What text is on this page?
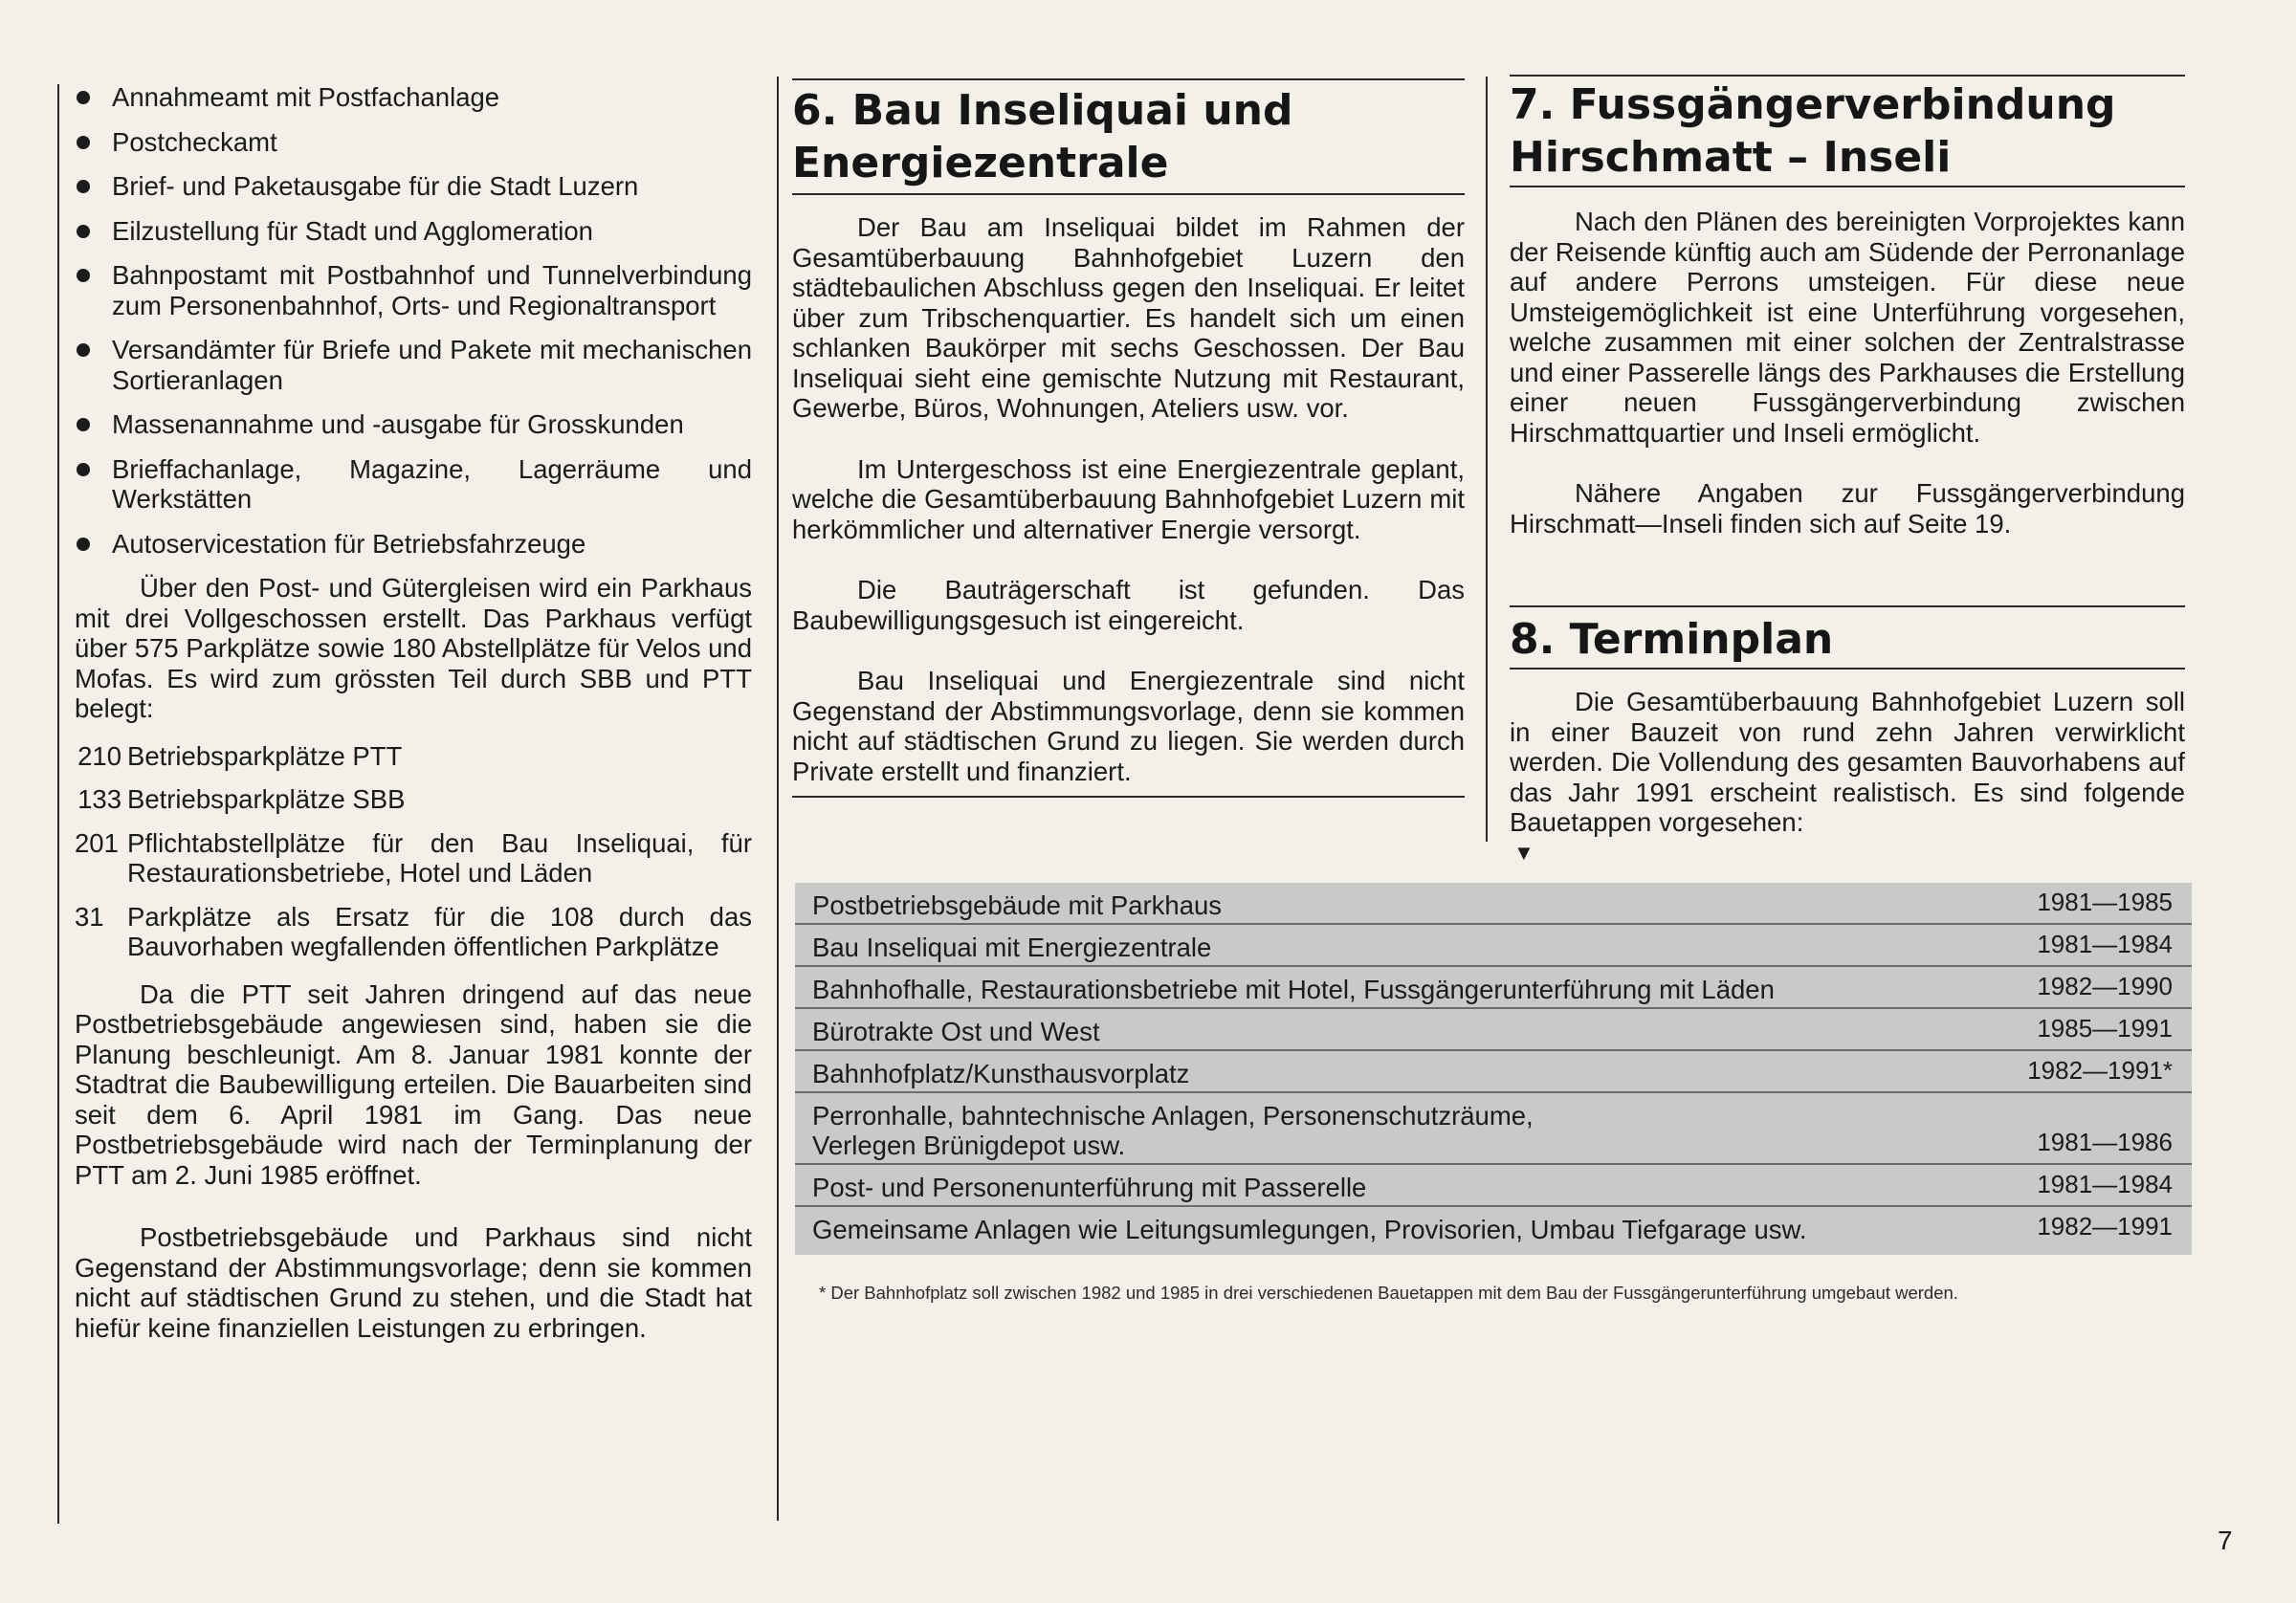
Annahmeamt mit Postfachanlage
Postcheckamt
Brief- und Paketausgabe für die Stadt Luzern
Eilzustellung für Stadt und Agglomeration
Bahnpostamt mit Postbahnhof und Tunnelverbindung zum Personenbahnhof, Orts- und Regionaltransport
Versandämter für Briefe und Pakete mit mechanischen Sortieranlagen
Massenannahme und -ausgabe für Grosskunden
Brieffachanlage, Magazine, Lagerräume und Werkstätten
Autoservicestation für Betriebsfahrzeuge

Über den Post- und Gütergleisen wird ein Parkhaus mit drei Vollgeschossen erstellt. Das Parkhaus verfügt über 575 Parkplätze sowie 180 Abstellplätze für Velos und Mofas. Es wird zum grössten Teil durch SBB und PTT belegt:

210 Betriebsparkplätze PTT
133 Betriebsparkplätze SBB
201 Pflichtabstellplätze für den Bau Inseliquai, für Restaurationsbetriebe, Hotel und Läden
31 Parkplätze als Ersatz für die 108 durch das Bauvorhaben wegfallenden öffentlichen Parkplätze

Da die PTT seit Jahren dringend auf das neue Postbetriebsgebäude angewiesen sind, haben sie die Planung beschleunigt. Am 8. Januar 1981 konnte der Stadtrat die Baubewilligung erteilen. Die Bauarbeiten sind seit dem 6. April 1981 im Gang. Das neue Postbetriebsgebäude wird nach der Terminplanung der PTT am 2. Juni 1985 eröffnet.

Postbetriebsgebäude und Parkhaus sind nicht Gegenstand der Abstimmungsvorlage; denn sie kommen nicht auf städtischen Grund zu stehen, und die Stadt hat hiefür keine finanziellen Leistungen zu erbringen.

6. Bau Inseliquai und
Energiezentrale

Der Bau am Inseliquai bildet im Rahmen der Gesamtüberbauung Bahnhofgebiet Luzern den städtebaulichen Abschluss gegen den Inseliquai. Er leitet über zum Tribschenquartier. Es handelt sich um einen schlanken Baukörper mit sechs Geschossen. Der Bau Inseliquai sieht eine gemischte Nutzung mit Restaurant, Gewerbe, Büros, Wohnungen, Ateliers usw. vor.

Im Untergeschoss ist eine Energiezentrale geplant, welche die Gesamtüberbauung Bahnhofgebiet Luzern mit herkömmlicher und alternativer Energie versorgt.

Die Bauträgerschaft ist gefunden. Das Baubewilligungsgesuch ist eingereicht.

Bau Inseliquai und Energiezentrale sind nicht Gegenstand der Abstimmungsvorlage, denn sie kommen nicht auf städtischen Grund zu liegen. Sie werden durch Private erstellt und finanziert.

7. Fussgängerverbindung
Hirschmatt – Inseli

Nach den Plänen des bereinigten Vorprojektes kann der Reisende künftig auch am Südende der Perronanlage auf andere Perrons umsteigen. Für diese neue Umsteigemöglichkeit ist eine Unterführung vorgesehen, welche zusammen mit einer solchen der Zentralstrasse und einer Passerelle längs des Parkhauses die Erstellung einer neuen Fussgängerverbindung zwischen Hirschmattquartier und Inseli ermöglicht.

Nähere Angaben zur Fussgängerverbindung Hirschmatt—Inseli finden sich auf Seite 19.

8. Terminplan

Die Gesamtüberbauung Bahnhofgebiet Luzern soll in einer Bauzeit von rund zehn Jahren verwirklicht werden. Die Vollendung des gesamten Bauvorhabens auf das Jahr 1991 erscheint realistisch. Es sind folgende Bauetappen vorgesehen:

▼
Postbetriebsgebäude mit Parkhaus	1981—1985
Bau Inseliquai mit Energiezentrale	1981—1984
Bahnhofhalle, Restaurationsbetriebe mit Hotel, Fussgängerunterführung mit Läden	1982—1990
Bürotrakte Ost und West	1985—1991
Bahnhofplatz/Kunsthausvorplatz	1982—1991*
Perronhalle, bahntechnische Anlagen, Personenschutzräume, Verlegen Brünigdepot usw.	1981—1986
Post- und Personenunterführung mit Passerelle	1981—1984
Gemeinsame Anlagen wie Leitungsumlegungen, Provisorien, Umbau Tiefgarage usw.	1982—1991
* Der Bahnhofplatz soll zwischen 1982 und 1985 in drei verschiedenen Bauetappen mit dem Bau der Fussgängerunterführung umgebaut werden.
7
